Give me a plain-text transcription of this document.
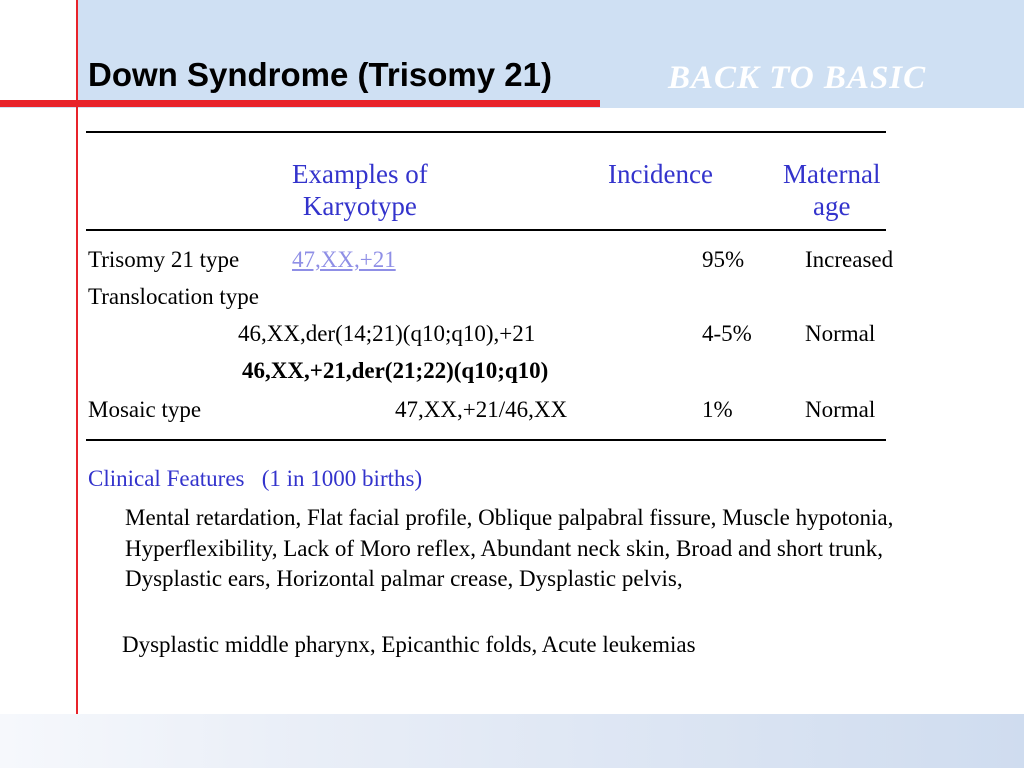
Down Syndrome (Trisomy 21)	BACK TO BASIC
Examples of
Karyotype
Incidence	Maternal
age
Trisomy 21 type 47,XX,+21	95%	Increased
Translocation type
46,XX,der(14;21)(q10;q10),+21	4-5% Normal
46,XX,+21,der(21;22)(q10;q10)
Mosaic type	47,XX,+21/46,XX	1%	Normal
Clinical Features (1 in 1000 births)
Mental retardation, Flat facial profile, Oblique palpabral fissure, Muscle hypotonia, Hyperflexibility, Lack of Moro reflex, Abundant neck skin, Broad and short trunk, Dysplastic ears, Horizontal palmar crease, Dysplastic pelvis,
Dysplastic middle pharynx, Epicanthic folds, Acute leukemias
